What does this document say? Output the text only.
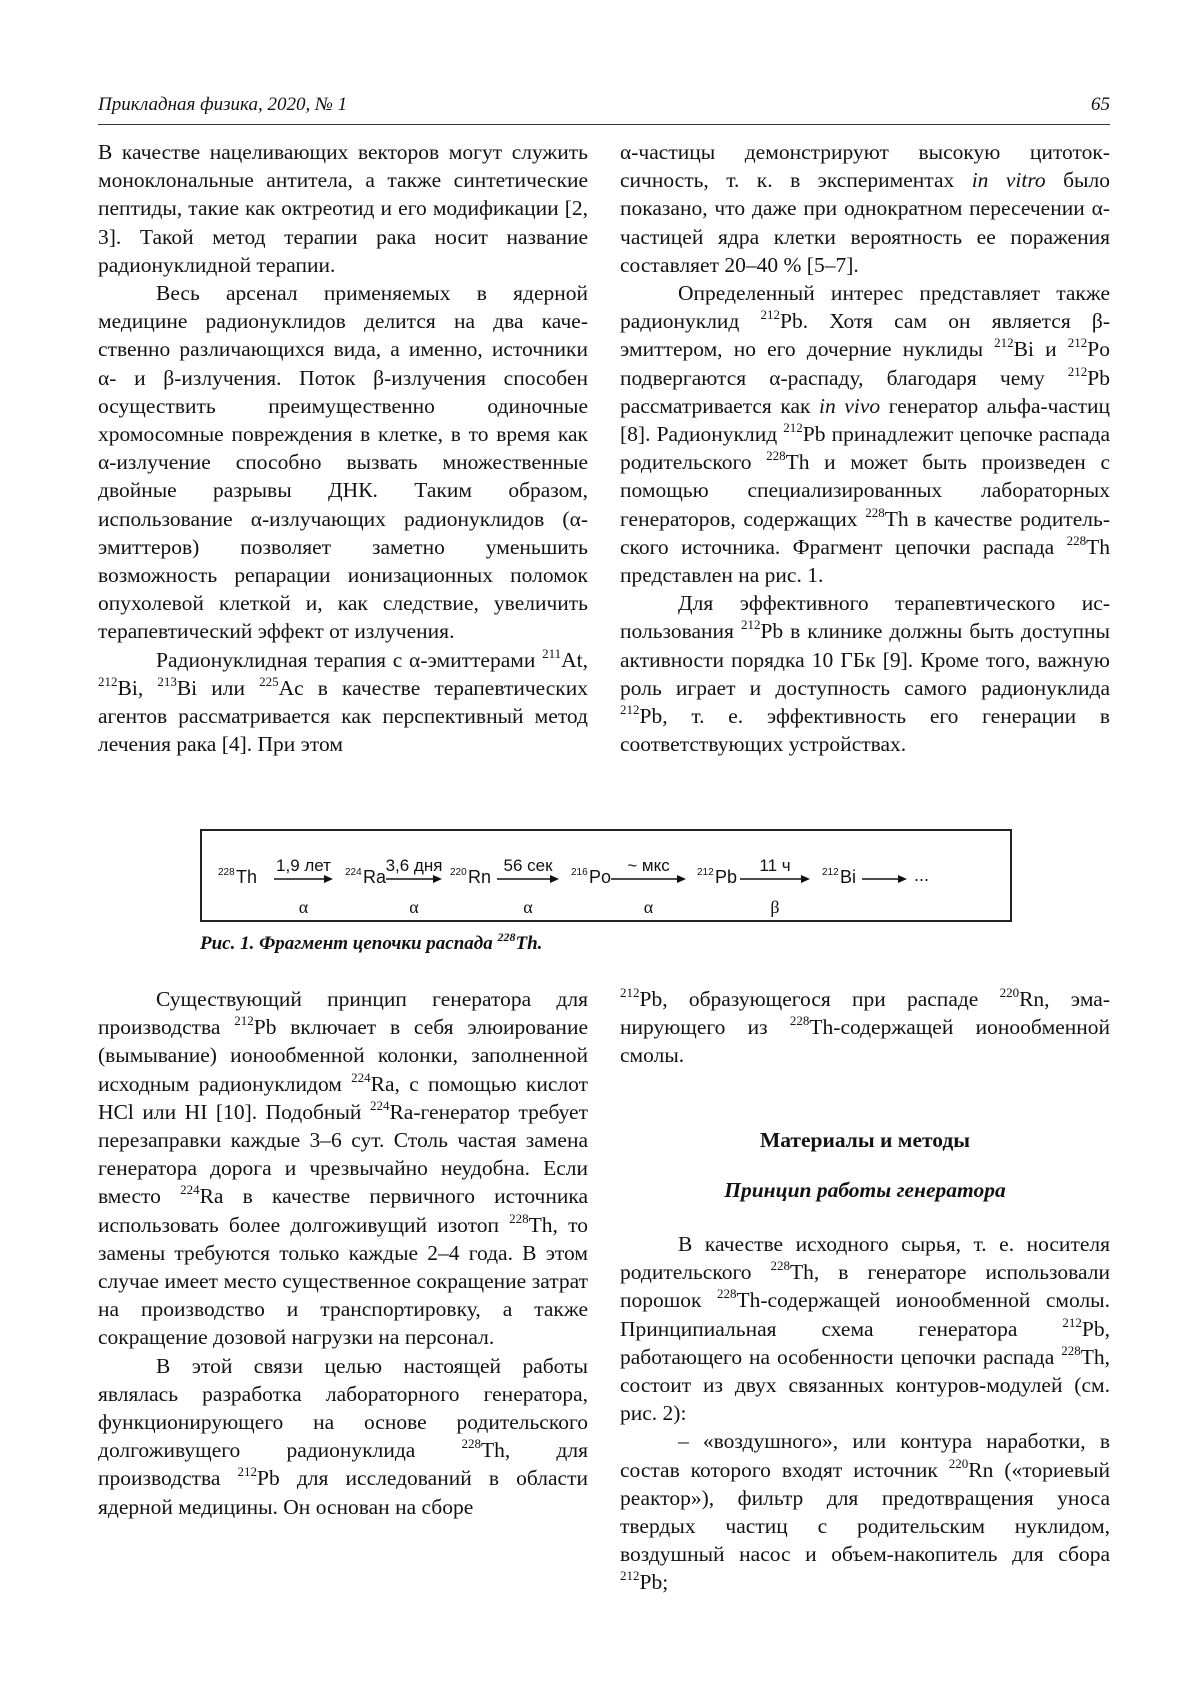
Прикладная физика, 2020, № 1	65

В качестве нацеливающих векторов могут служить моноклональные антитела, а также синтетические пептиды, такие как октреотид и его модификации [2, 3]. Такой метод терапии рака носит название радионуклидной терапии.

Весь арсенал применяемых в ядерной медицине радионуклидов делится на два качественно различающихся вида, а именно, источники α- и β-излучения. Поток β-излучения способен осуществить преимущественно одиночные хромосомные повреждения в клетке, в то время как α-излучение способно вызвать множественные двойные разрывы ДНК. Таким образом, использование α-излучающих радионуклидов (α-эмиттеров) позволяет заметно уменьшить возможность репарации ионизационных поломок опухолевой клеткой и, как следствие, увеличить терапевтический эффект от излучения.

Радионуклидная терапия с α-эмиттерами $^{211}$At, $^{212}$Bi, $^{213}$Bi или $^{225}$Ac в качестве терапевтических агентов рассматривается как перспективный метод лечения рака [4]. При этом

α-частицы демонстрируют высокую цитотоксичность, т. к. в экспериментах in vitro было показано, что даже при однократном пересечении α-частицей ядра клетки вероятность ее поражения составляет 20–40 % [5–7].

Определенный интерес представляет также радионуклид $^{212}$Pb. Хотя сам он является β-эмиттером, но его дочерние нуклиды $^{212}$Bi и $^{212}$Po подвергаются α-распаду, благодаря чему $^{212}$Pb рассматривается как in vivo генератор альфа-частиц [8]. Радионуклид $^{212}$Pb принадлежит цепочке распада родительского $^{228}$Th и может быть произведен с помощью специализированных лабораторных генераторов, содержащих $^{228}$Th в качестве родительского источника. Фрагмент цепочки распада $^{228}$Th представлен на рис. 1.

Для эффективного терапевтического использования $^{212}$Pb в клинике должны быть доступны активности порядка 10 ГБк [9]. Кроме того, важную роль играет и доступность самого радионуклида $^{212}$Pb, т. е. эффективность его генерации в соответствующих устройствах.

228 Th	224 Ra	220 Rn	216 Po	212 Pb	212 Bi
1,9 лет
α
3,6 дня
α
56 сек
α
~ мкс
α
11 ч
β
...
Рис. 1. Фрагмент цепочки распада $^{228}$Th.

Существующий принцип генератора для производства $^{212}$Pb включает в себя элюирование (вымывание) ионообменной колонки, заполненной исходным радионуклидом $^{224}$Ra, с помощью кислот HCl или HI [10]. Подобный $^{224}$Ra-генератор требует перезаправки каждые 3–6 сут. Столь частая замена генератора дорога и чрезвычайно неудобна. Если вместо $^{224}$Ra в качестве первичного источника использовать более долгоживущий изотоп $^{228}$Th, то замены требуются только каждые 2–4 года. В этом случае имеет место существенное сокращение затрат на производство и транспортировку, а также сокращение дозовой нагрузки на персонал.

В этой связи целью настоящей работы являлась разработка лабораторного генератора, функционирующего на основе родительского долгоживущего радионуклида $^{228}$Th, для производства $^{212}$Pb для исследований в области ядерной медицины. Он основан на сборе

$^{212}$Pb, образующегося при распаде $^{220}$Rn, эманирующего из $^{228}$Th-содержащей ионообменной смолы.

Материалы и методы
Принцип работы генератора

В качестве исходного сырья, т. е. носителя родительского $^{228}$Th, в генераторе использовали порошок $^{228}$Th-содержащей ионообменной смолы. Принципиальная схема генератора $^{212}$Pb, работающего на особенности цепочки распада $^{228}$Th, состоит из двух связанных контуров-модулей (см. рис. 2):

– «воздушного», или контура наработки, в состав которого входят источник $^{220}$Rn («ториевый реактор»), фильтр для предотвращения уноса твердых частиц с родительским нуклидом, воздушный насос и объем-накопитель для сбора $^{212}$Pb;
